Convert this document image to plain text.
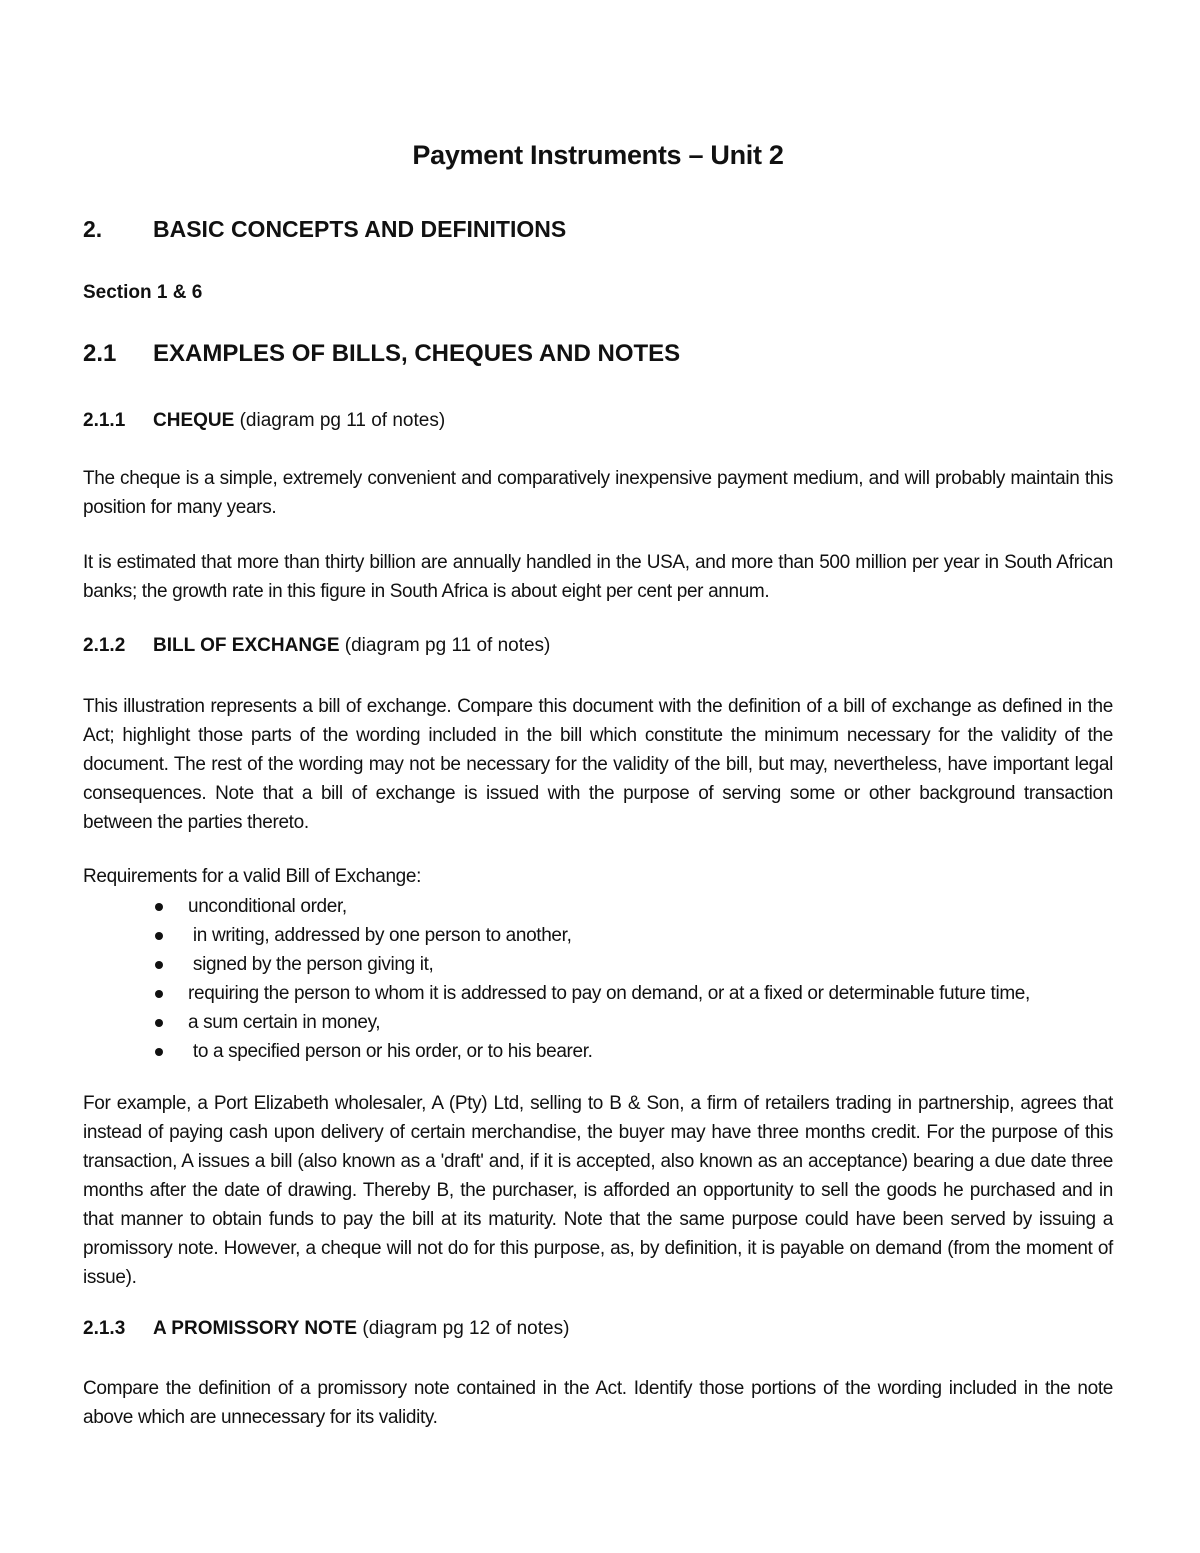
Payment Instruments – Unit 2
2. BASIC CONCEPTS AND DEFINITIONS
Section 1 & 6
2.1 EXAMPLES OF BILLS, CHEQUES AND NOTES
2.1.1 CHEQUE (diagram pg 11 of notes)
The cheque is a simple, extremely convenient and comparatively inexpensive payment medium, and will probably maintain this position for many years.
It is estimated that more than thirty billion are annually handled in the USA, and more than 500 million per year in South African banks; the growth rate in this figure in South Africa is about eight per cent per annum.
2.1.2 BILL OF EXCHANGE (diagram pg 11 of notes)
This illustration represents a bill of exchange. Compare this document with the definition of a bill of exchange as defined in the Act; highlight those parts of the wording included in the bill which constitute the minimum necessary for the validity of the document. The rest of the wording may not be necessary for the validity of the bill, but may, nevertheless, have important legal consequences. Note that a bill of exchange is issued with the purpose of serving some or other background transaction between the parties thereto.
Requirements for a valid Bill of Exchange:
unconditional order,
in writing, addressed by one person to another,
signed by the person giving it,
requiring the person to whom it is addressed to pay on demand, or at a fixed or determinable future time,
a sum certain in money,
to a specified person or his order, or to his bearer.
For example, a Port Elizabeth wholesaler, A (Pty) Ltd, selling to B & Son, a firm of retailers trading in partnership, agrees that instead of paying cash upon delivery of certain merchandise, the buyer may have three months credit. For the purpose of this transaction, A issues a bill (also known as a 'draft' and, if it is accepted, also known as an acceptance) bearing a due date three months after the date of drawing. Thereby B, the purchaser, is afforded an opportunity to sell the goods he purchased and in that manner to obtain funds to pay the bill at its maturity. Note that the same purpose could have been served by issuing a promissory note. However, a cheque will not do for this purpose, as, by definition, it is payable on demand (from the moment of issue).
2.1.3 A PROMISSORY NOTE (diagram pg 12 of notes)
Compare the definition of a promissory note contained in the Act. Identify those portions of the wording included in the note above which are unnecessary for its validity.
